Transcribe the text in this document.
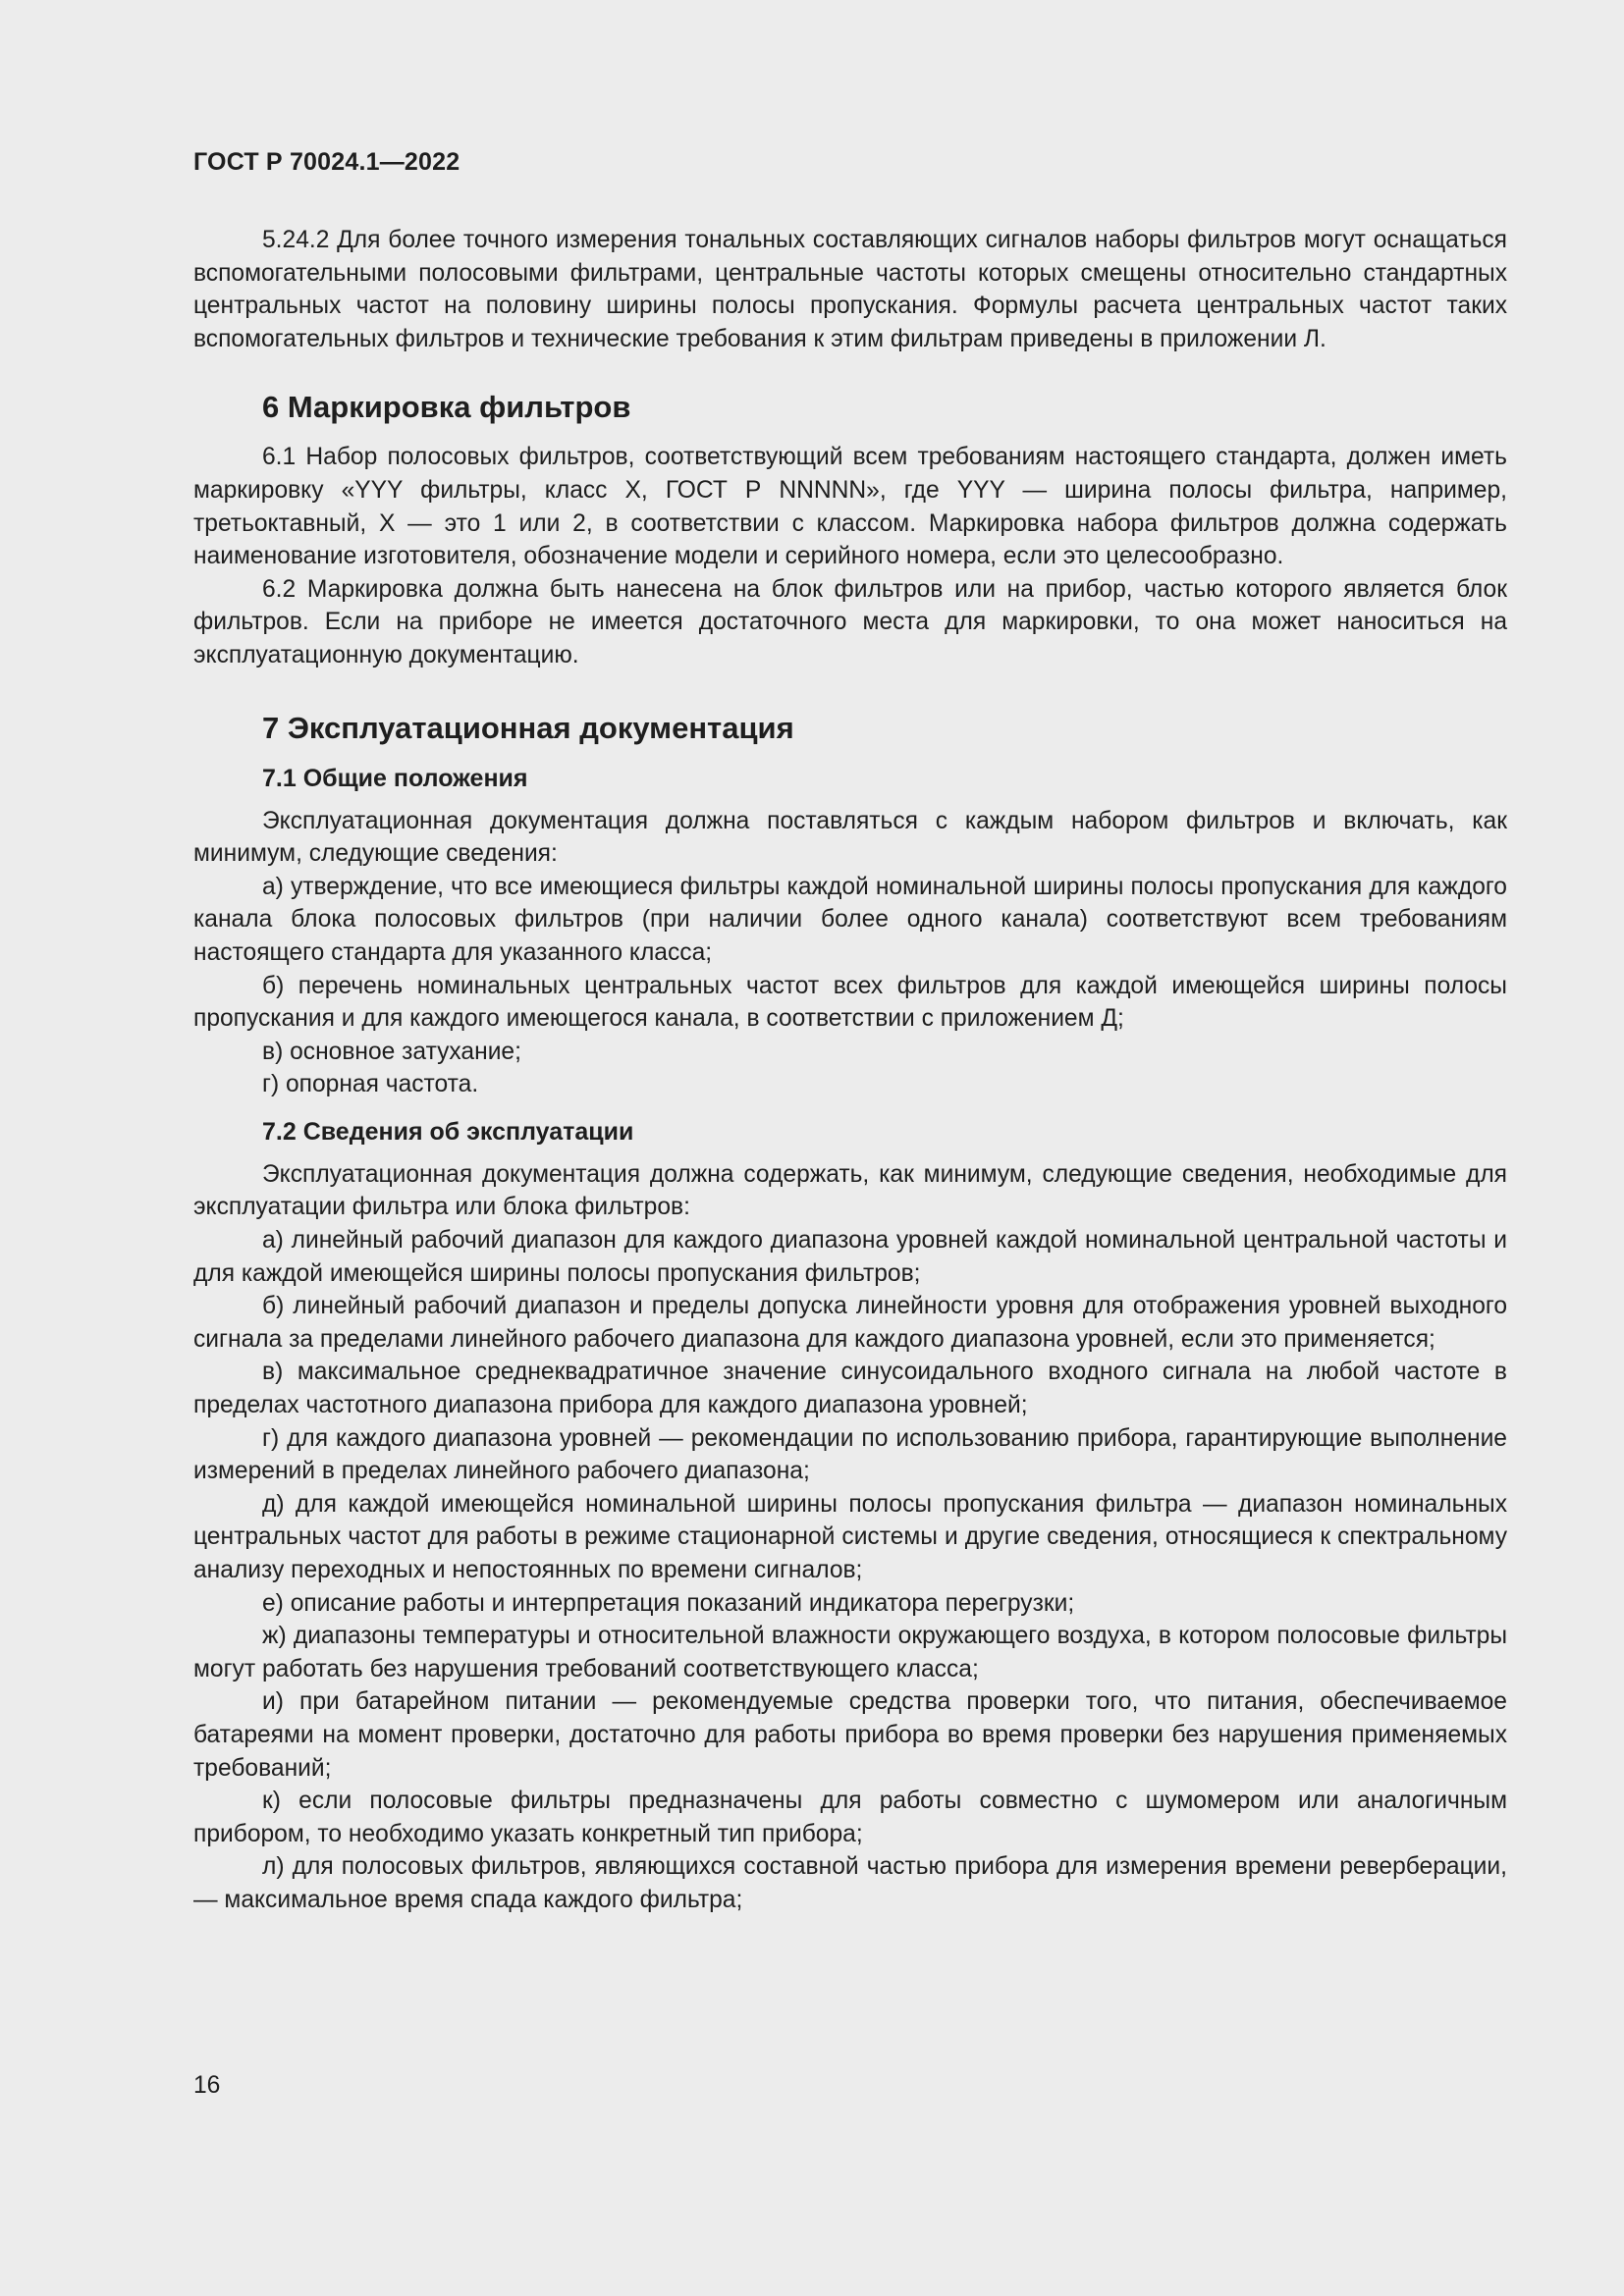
ГОСТ Р 70024.1—2022

5.24.2 Для более точного измерения тональных составляющих сигналов наборы фильтров могут оснащаться вспомогательными полосовыми фильтрами, центральные частоты которых смещены относительно стандартных центральных частот на половину ширины полосы пропускания. Формулы расчета центральных частот таких вспомогательных фильтров и технические требования к этим фильтрам приведены в приложении Л.

6 Маркировка фильтров

6.1 Набор полосовых фильтров, соответствующий всем требованиям настоящего стандарта, должен иметь маркировку «YYY фильтры, класс X, ГОСТ Р NNNNN», где YYY — ширина полосы фильтра, например, третьоктавный, X — это 1 или 2, в соответствии с классом. Маркировка набора фильтров должна содержать наименование изготовителя, обозначение модели и серийного номера, если это целесообразно.

6.2 Маркировка должна быть нанесена на блок фильтров или на прибор, частью которого является блок фильтров. Если на приборе не имеется достаточного места для маркировки, то она может наноситься на эксплуатационную документацию.

7 Эксплуатационная документация
7.1 Общие положения

Эксплуатационная документация должна поставляться с каждым набором фильтров и включать, как минимум, следующие сведения:

а) утверждение, что все имеющиеся фильтры каждой номинальной ширины полосы пропускания для каждого канала блока полосовых фильтров (при наличии более одного канала) соответствуют всем требованиям настоящего стандарта для указанного класса;

б) перечень номинальных центральных частот всех фильтров для каждой имеющейся ширины полосы пропускания и для каждого имеющегося канала, в соответствии с приложением Д;

в) основное затухание;

г) опорная частота.

7.2 Сведения об эксплуатации

Эксплуатационная документация должна содержать, как минимум, следующие сведения, необходимые для эксплуатации фильтра или блока фильтров:

а) линейный рабочий диапазон для каждого диапазона уровней каждой номинальной центральной частоты и для каждой имеющейся ширины полосы пропускания фильтров;

б) линейный рабочий диапазон и пределы допуска линейности уровня для отображения уровней выходного сигнала за пределами линейного рабочего диапазона для каждого диапазона уровней, если это применяется;

в) максимальное среднеквадратичное значение синусоидального входного сигнала на любой частоте в пределах частотного диапазона прибора для каждого диапазона уровней;

г) для каждого диапазона уровней — рекомендации по использованию прибора, гарантирующие выполнение измерений в пределах линейного рабочего диапазона;

д) для каждой имеющейся номинальной ширины полосы пропускания фильтра — диапазон номинальных центральных частот для работы в режиме стационарной системы и другие сведения, относящиеся к спектральному анализу переходных и непостоянных по времени сигналов;

е) описание работы и интерпретация показаний индикатора перегрузки;

ж) диапазоны температуры и относительной влажности окружающего воздуха, в котором полосовые фильтры могут работать без нарушения требований соответствующего класса;

и) при батарейном питании — рекомендуемые средства проверки того, что питания, обеспечиваемое батареями на момент проверки, достаточно для работы прибора во время проверки без нарушения применяемых требований;

к) если полосовые фильтры предназначены для работы совместно с шумомером или аналогичным прибором, то необходимо указать конкретный тип прибора;

л) для полосовых фильтров, являющихся составной частью прибора для измерения времени реверберации, — максимальное время спада каждого фильтра;

16
